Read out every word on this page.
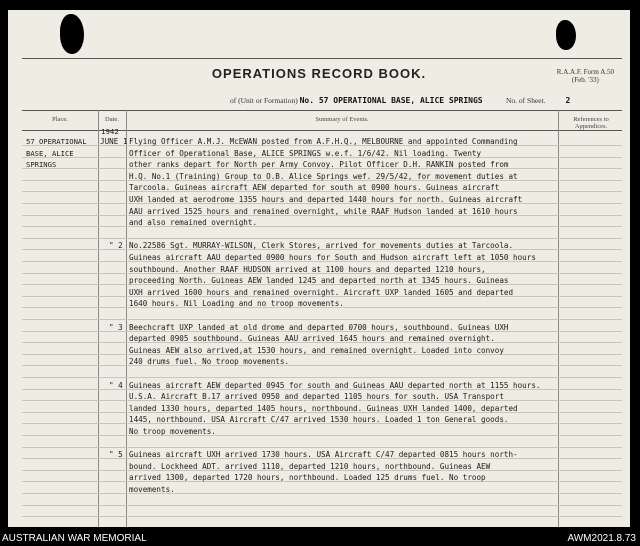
OPERATIONS RECORD BOOK.	R.A.A.F. Form A.50
(Feb. '33)
of (Unit or Formation) No. 57 OPERATIONAL BASE, ALICE SPRINGS	No. of Sheet. 2
Place.	Date.	Summary of Events.	References to Appendices.
1942
57 OPERATIONAL
BASE, ALICE
SPRINGS
JUNE 1 Flying Officer A.M.J. McEWAN posted from A.F.H.Q., MELBOURNE and appointed Commanding
Officer of Operational Base, ALICE SPRINGS w.e.f. 1/6/42. Nil loading. Twenty
other ranks depart for North per Army Convoy. Pilot Officer D.H. RANKIN posted from
H.Q. No.1 (Training) Group to O.B. Alice Springs wef. 29/5/42, for movement duties at
Tarcoola. Guineas aircraft AEW departed for south at 0900 hours. Guineas aircraft
UXH landed at aerodrome 1355 hours and departed 1440 hours for north. Guineas aircraft
AAU arrived 1525 hours and remained overnight, while RAAF Hudson landed at 1610 hours
and also remained overnight.
" 2 No.22586 Sgt. MURRAY-WILSON, Clerk Stores, arrived for movements duties at Tarcoola.
Guineas aircraft AAU departed 0900 hours for South and Hudson aircraft left at 1050 hours
southbound. Another RAAF HUDSON arrived at 1100 hours and departed 1210 hours,
proceeding North. Guineas AEW landed 1245 and departed north at 1345 hours. Guineas
UXH arrived 1600 hours and remained overnight. Aircraft UXP landed 1605 and departed
1640 hours. Nil Loading and no troop movements.
" 3 Beechcraft UXP landed at old drome and departed 0700 hours, southbound. Guineas UXH
departed 0905 southbound. Guineas AAU arrived 1645 hours and remained overnight.
Guineas AEW also arrived,at 1530 hours, and remained overnight. Loaded into convoy
240 drums fuel. No troop movements.
" 4 Guineas aircraft AEW departed 0945 for south and Guineas AAU departed north at 1155 hours.
U.S.A. Aircraft B.17 arrived 0950 and departed 1105 hours for south. USA Transport
landed 1330 hours, departed 1405 hours, northbound. Guineas UXH landed 1400, departed
1445, northbound. USA Aircraft C/47 arrived 1530 hours. Loaded 1 ton General goods.
No troop movements.
" 5 Guineas aircraft UXH arrived 1730 hours. USA Aircraft C/47 departed 0815 hours north-
bound. Lockheed ADT. arrived 1110, departed 1210 hours, northbound. Guineas AEW
arrived 1300, departed 1720 hours, northbound. Loaded 125 drums fuel. No troop
movements.
AUSTRALIAN WAR MEMORIAL	AWM2021.8.73
